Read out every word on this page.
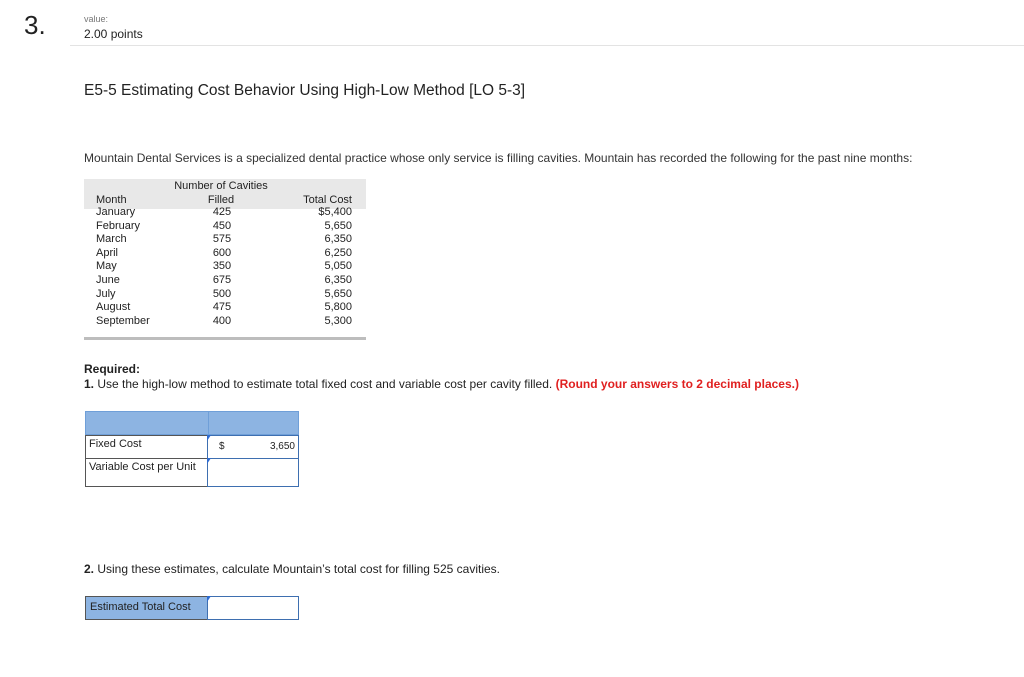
3.	value:
2.00 points
E5-5 Estimating Cost Behavior Using High-Low Method [LO 5-3]
Mountain Dental Services is a specialized dental practice whose only service is filling cavities. Mountain has recorded the following for the past nine months:
Month
Number of Cavities
Filled	Total Cost
January	425	$5,400
February	450	5,650
March	575	6,350
April	600	6,250
May	350	5,050
June	675	6,350
July	500	5,650
August	475	5,800
September	400	5,300
Required:
1. Use the high-low method to estimate total fixed cost and variable cost per cavity filled. (Round your answers to 2 decimal places.)
Fixed Cost	$	3,650
Variable Cost per Unit
2. Using these estimates, calculate Mountain’s total cost for filling 525 cavities.
Estimated Total Cost
